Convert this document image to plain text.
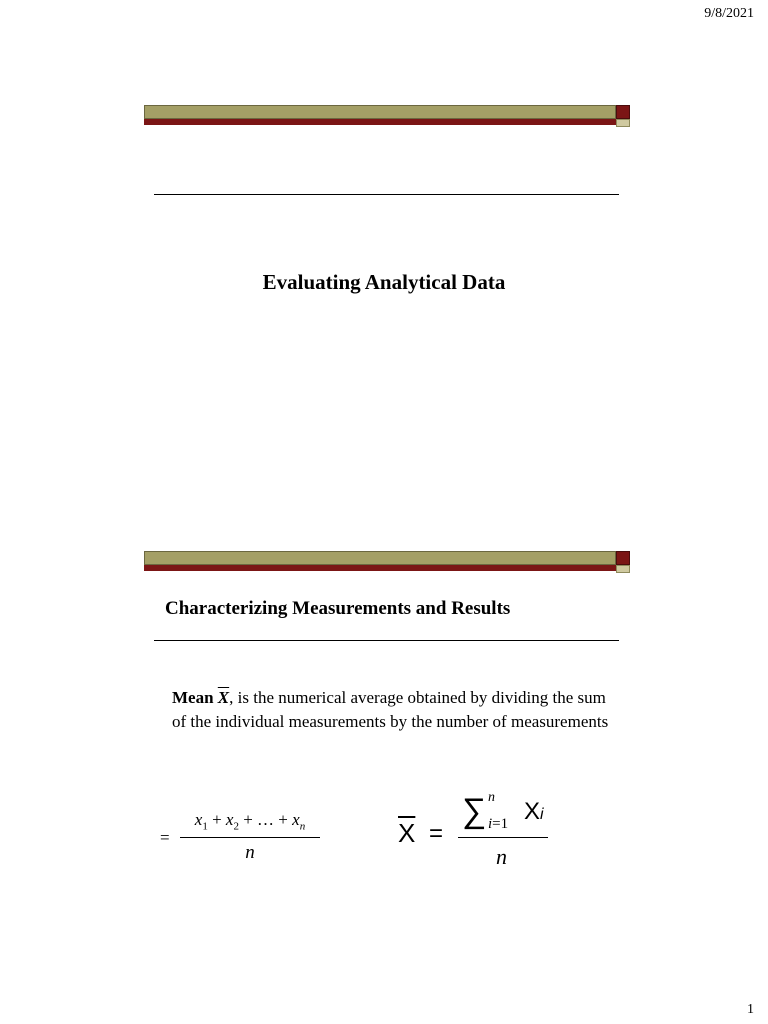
9/8/2021
Evaluating Analytical Data
Characterizing Measurements and Results
Mean $\overline{X}$, is the numerical average obtained by dividing the sum of the individual measurements by the number of measurements
=
$x_1 + x_2$ + … + $x_n$
n
$\overline{X}$ =
∑ n
i=1 Xi
n
1
